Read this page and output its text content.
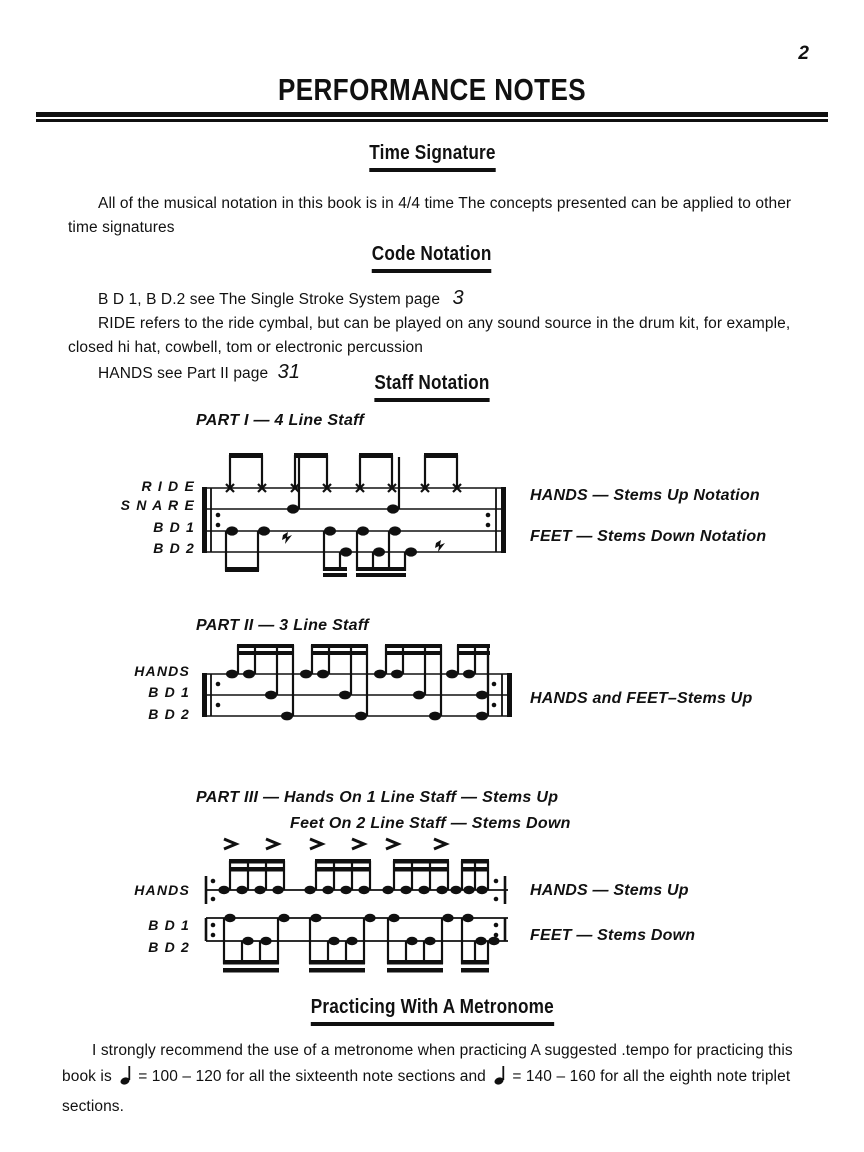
2
PERFORMANCE NOTES
Time Signature
All of the musical notation in this book is in 4/4 time The concepts presented can be applied to other time signatures
Code Notation
B D 1, B D.2 see The Single Stroke System page 3
RIDE refers to the ride cymbal, but can be played on any sound source in the drum kit, for example, closed hi hat, cowbell, tom or electronic percussion
HANDS see Part II page 31	Staff Notation
PART I — 4 Line Staff
R I D E
S N A R E
B D 1
B D 2
HANDS — Stems Up Notation
FEET — Stems Down Notation
PART II — 3 Line Staff
HANDS
B D 1
B D 2
HANDS and FEET–Stems Up
PART III — Hands On 1 Line Staff — Stems Up
Feet On 2 Line Staff — Stems Down
HANDS
B D 1
B D 2
HANDS — Stems Up
FEET — Stems Down
Practicing With A Metronome
I strongly recommend the use of a metronome when practicing A suggested .tempo for practicing this book is = 100 – 120 for all the sixteenth note sections and = 140 – 160 for all the eighth note triplet sections.
